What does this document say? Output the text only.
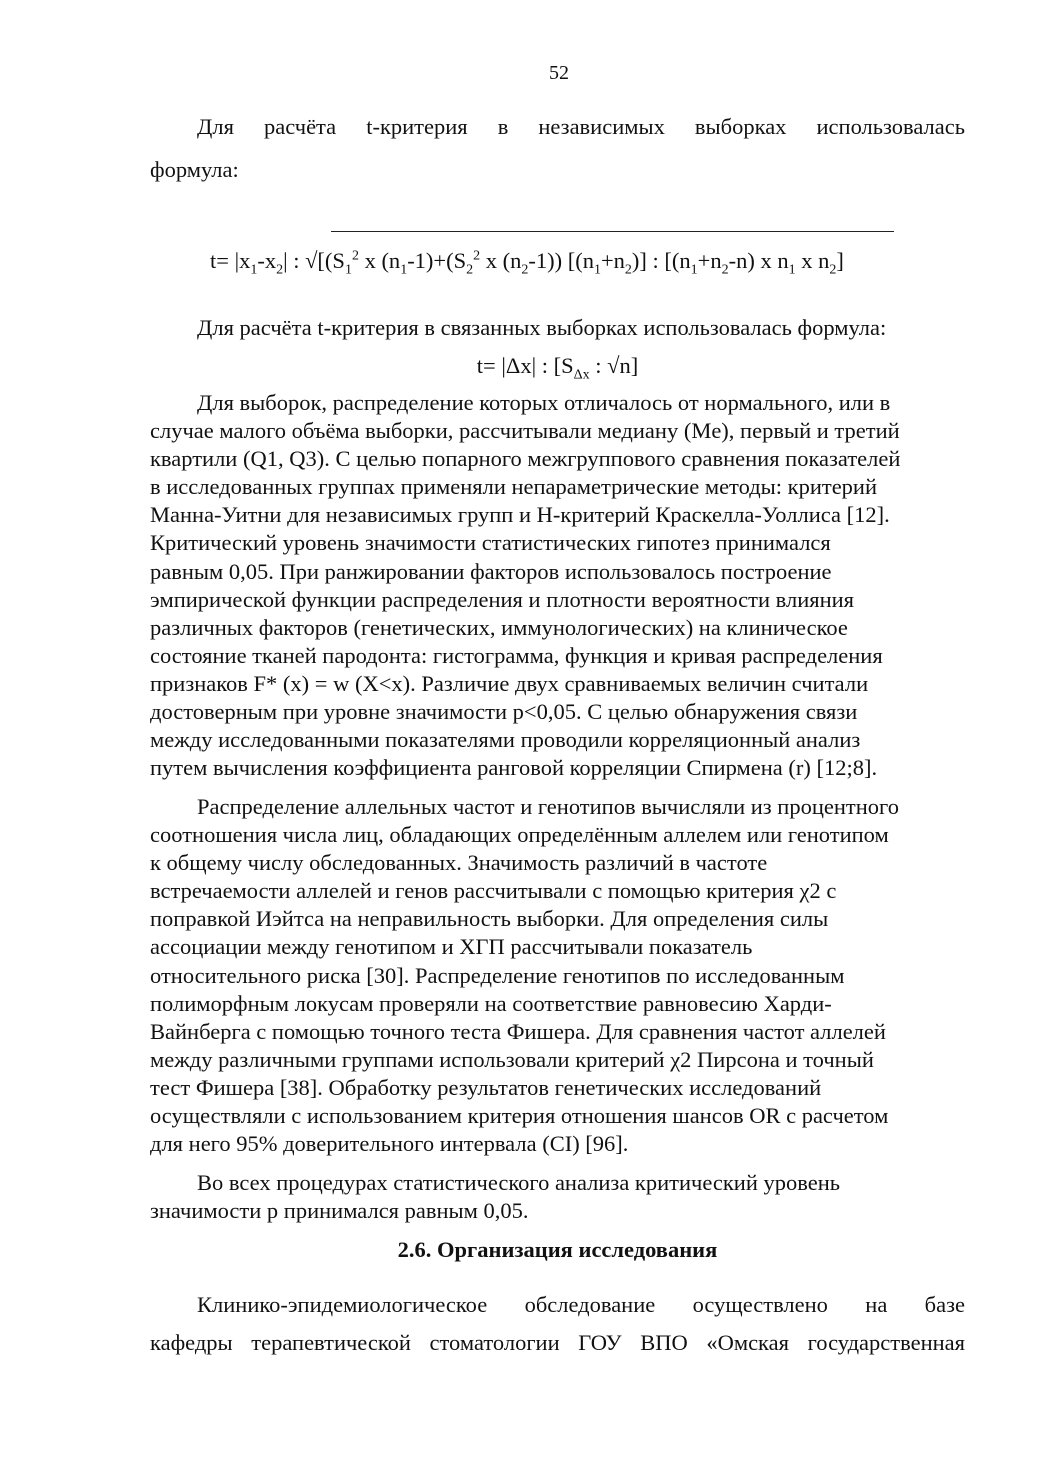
52
Для расчёта t-критерия в независимых выборках использовалась
формула:
$t= |x_1-x_2|$ : $√[(S_1^2$ x $(n_1-1)+(S_2^2$ x $(n_2-1)$) $[(n_1+n_2)]$ : [$(n_1+n_2-n)$ x $n_1$ x $n_2$]
Для расчёта t-критерия в связанных выборках использовалась формула:
t= |Δx| : [$S_{\Delta x}$ : √n]
Для выборок, распределение которых отличалось от нормального, или в
случае малого объёма выборки, рассчитывали медиану (Me), первый и третий
квартили (Q1, Q3). С целью попарного межгруппового сравнения показателей
в исследованных группах применяли непараметрические методы: критерий
Манна-Уитни для независимых групп и H-критерий Краскелла-Уоллиса [12].
Критический уровень значимости статистических гипотез принимался
равным 0,05. При ранжировании факторов использовалось построение
эмпирической функции распределения и плотности вероятности влияния
различных факторов (генетических, иммунологических) на клиническое
состояние тканей пародонта: гистограмма, функция и кривая распределения
признаков F* (x) = w (X<x). Различие двух сравниваемых величин считали
достоверным при уровне значимости p<0,05. С целью обнаружения связи
между исследованными показателями проводили корреляционный анализ
путем вычисления коэффициента ранговой корреляции Спирмена (r) [12;8].
Распределение аллельных частот и генотипов вычисляли из процентного
соотношения числа лиц, обладающих определённым аллелем или генотипом
к общему числу обследованных. Значимость различий в частоте
встречаемости аллелей и генов рассчитывали с помощью критерия χ2 с
поправкой Иэйтса на неправильность выборки. Для определения силы
ассоциации между генотипом и ХГП рассчитывали показатель
относительного риска [30]. Распределение генотипов по исследованным
полиморфным локусам проверяли на соответствие равновесию Харди-
Вайнберга с помощью точного теста Фишера. Для сравнения частот аллелей
между различными группами использовали критерий χ2 Пирсона и точный
тест Фишера [38]. Обработку результатов генетических исследований
осуществляли с использованием критерия отношения шансов OR с расчетом
для него 95% доверительного интервала (CI) [96].
Во всех процедурах статистического анализа критический уровень
значимости p принимался равным 0,05.
2.6. Организация исследования
Клинико-эпидемиологическое обследование осуществлено на базе
кафедры терапевтической стоматологии ГОУ ВПО «Омская государственная
